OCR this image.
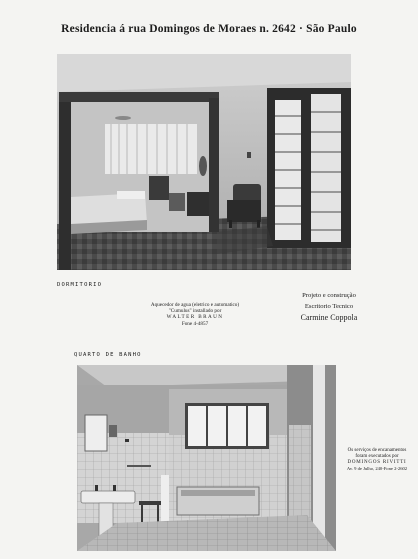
Residencia á rua Domingos de Moraes n. 2642 · São Paulo
DORMITORIO
Aquecedor de agua (eletrico e automatico)
"Cumulus" installado por
WALTER BRAUN
Fone 4-4857
Projeto e construção
Escritorio Tecnico
Carmine Coppola
QUARTO DE BANHO
Os serviços de encanamentos
foram executados por
DOMINGOS RIVITTI
Av. 9 de Julho, 240-Fone 2-2602
